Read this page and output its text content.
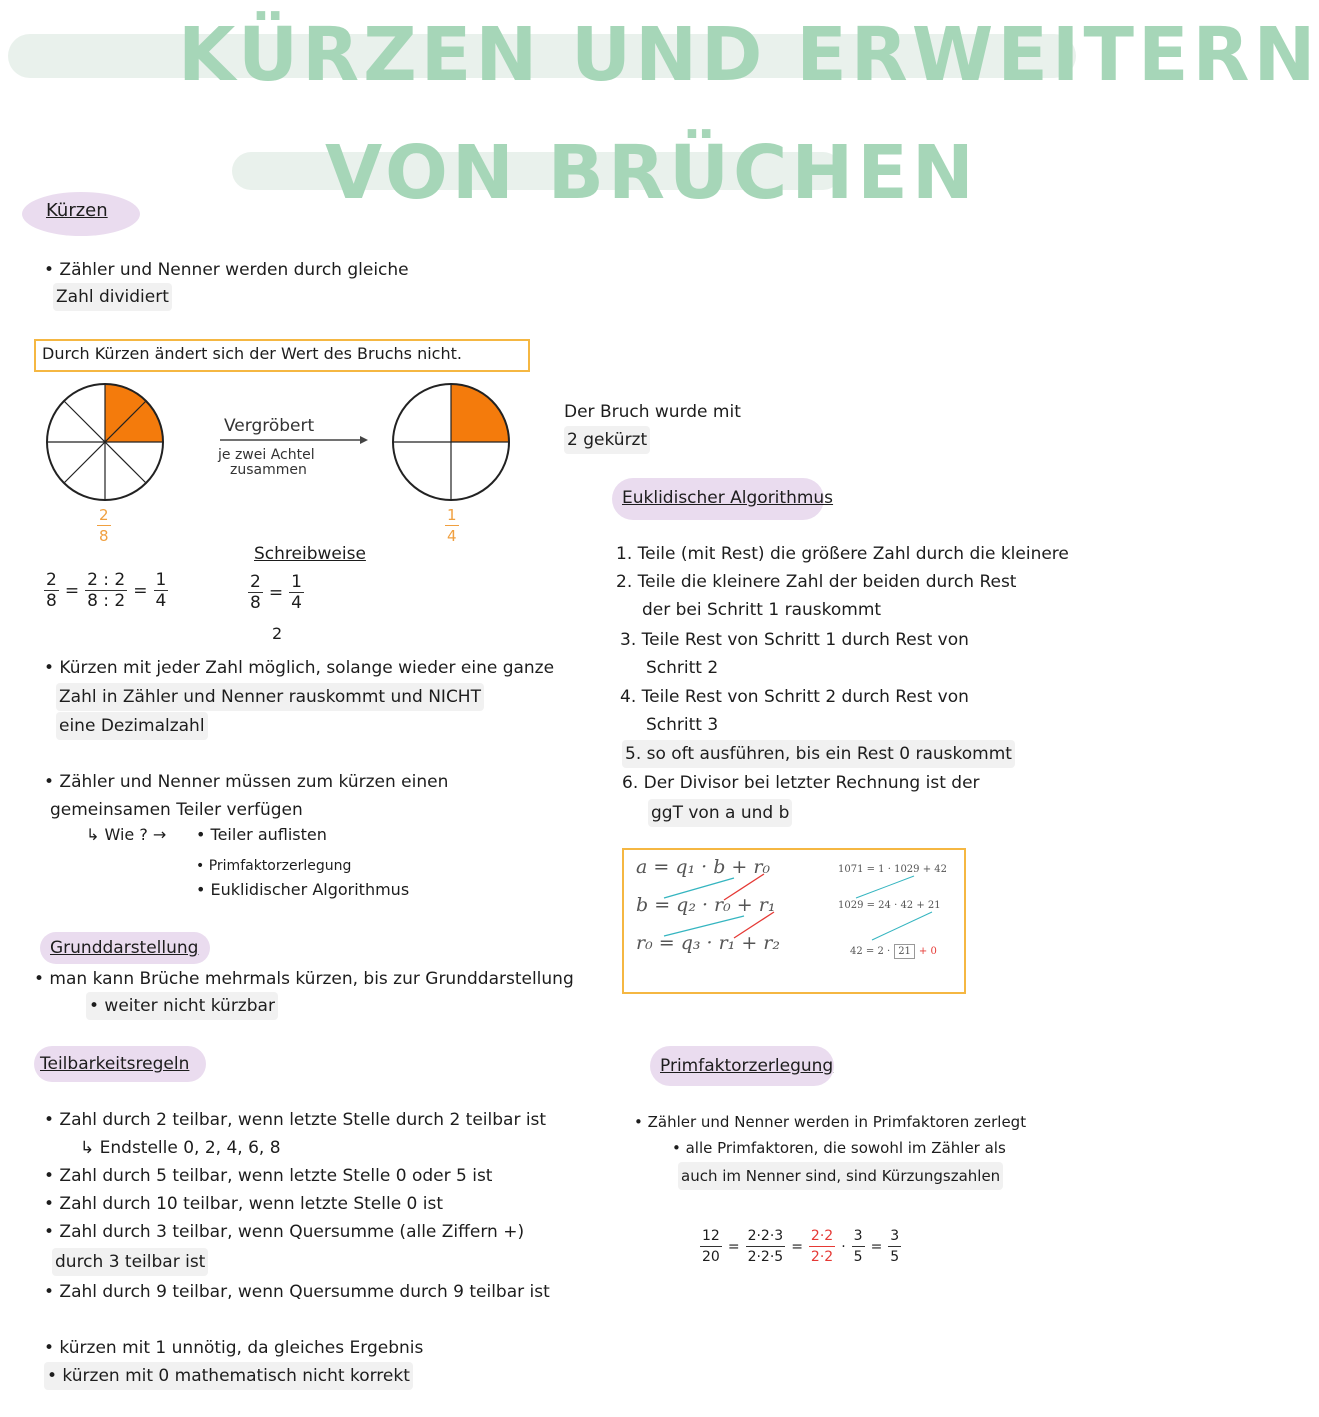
KÜRZEN UND ERWEITERN
VON BRÜCHEN
Kürzen
• Zähler und Nenner werden durch gleiche
Zahl dividiert
Durch Kürzen ändert sich der Wert des Bruchs nicht.
Vergröbert
je zwei Achtel
zusammen
$\frac{2}{8}$	$\frac{1}{4}$
Der Bruch wurde mit
2 gekürzt
$\frac{2}{8} = \frac{2 : 2}{8 : 2} = \frac{1}{4}$
Schreibweise
$\frac{2}{8} = \frac{1}{4}$
2
• Kürzen mit jeder Zahl möglich, solange wieder eine ganze
Zahl in Zähler und Nenner rauskommt und NICHT
eine Dezimalzahl
• Zähler und Nenner müssen zum kürzen einen
gemeinsamen Teiler verfügen
↳ Wie ? → • Teiler auflisten
• Primfaktorzerlegung
• Euklidischer Algorithmus
Grunddarstellung
• man kann Brüche mehrmals kürzen, bis zur Grunddarstellung
• weiter nicht kürzbar
Teilbarkeitsregeln
• Zahl durch 2 teilbar, wenn letzte Stelle durch 2 teilbar ist
↳ Endstelle 0, 2, 4, 6, 8
• Zahl durch 5 teilbar, wenn letzte Stelle 0 oder 5 ist
• Zahl durch 10 teilbar, wenn letzte Stelle 0 ist
• Zahl durch 3 teilbar, wenn Quersumme (alle Ziffern +)
durch 3 teilbar ist
• Zahl durch 9 teilbar, wenn Quersumme durch 9 teilbar ist
• kürzen mit 1 unnötig, da gleiches Ergebnis
• kürzen mit 0 mathematisch nicht korrekt
Euklidischer Algorithmus
1. Teile (mit Rest) die größere Zahl durch die kleinere
2. Teile die kleinere Zahl der beiden durch Rest
der bei Schritt 1 rauskommt
3. Teile Rest von Schritt 1 durch Rest von
Schritt 2
4. Teile Rest von Schritt 2 durch Rest von
Schritt 3
5. so oft ausführen, bis ein Rest 0 rauskommt
6. Der Divisor bei letzter Rechnung ist der
ggT von a und b
a = q₁ · b + r₀
b = q₂ · r₀ + r₁
r₀ = q₃ · r₁ + r₂
1071 = 1 · 1029 + 42
1029 = 24 · 42 + 21
42 = 2 · 21 + 0
Primfaktorzerlegung
• Zähler und Nenner werden in Primfaktoren zerlegt
• alle Primfaktoren, die sowohl im Zähler als
auch im Nenner sind, sind Kürzungszahlen
$\frac{12}{20} = \frac{2\cdot 2\cdot 3}{2\cdot 2\cdot 5} = \frac{2\cdot 2}{2\cdot 2} \cdot \frac{3}{5} = \frac{3}{5}$
